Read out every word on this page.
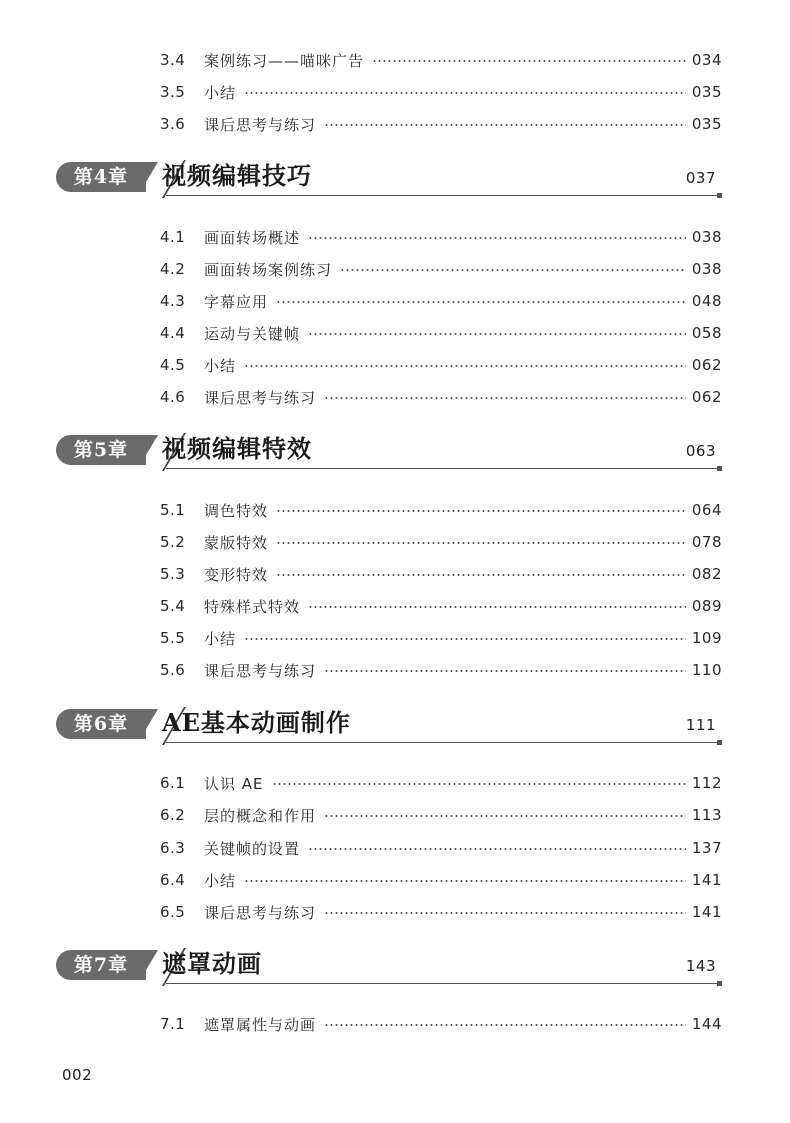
3.4	案例练习——喵咪广告	034
3.5	小结	035
3.6	课后思考与练习	035
第4章	视频编辑技巧	037
4.1	画面转场概述	038
4.2	画面转场案例练习	038
4.3	字幕应用	048
4.4	运动与关键帧	058
4.5	小结	062
4.6	课后思考与练习	062
第5章	视频编辑特效	063
5.1	调色特效	064
5.2	蒙版特效	078
5.3	变形特效	082
5.4	特殊样式特效	089
5.5	小结	109
5.6	课后思考与练习	110
第6章	AE基本动画制作	111
6.1	认识 AE	112
6.2	层的概念和作用	113
6.3	关键帧的设置	137
6.4	小结	141
6.5	课后思考与练习	141
第7章	遮罩动画	143
7.1	遮罩属性与动画	144
002
